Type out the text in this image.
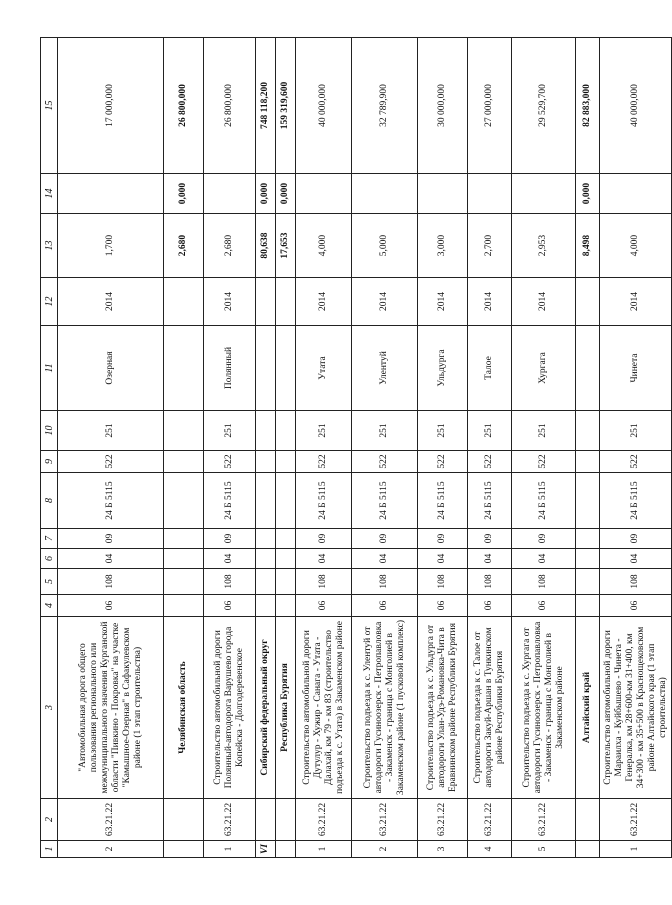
1	2	3	4	5	6	7	8	9	10	11	12	13	14	15
2	63.21.22	"Автомобильная дорога общего пользования регионального или межмуниципального значения Курганской области "Пивкино - Покровка" на участке "Камышное-Озерная" в Сафакулевском районе (1 этап строительства)	06	108	04	09	24 Б 5115	522	251	Озерная	2014	1,700		17 000,000
		Челябинская область										2,680	0,000	26 800,000
1	63.21.22	Строительство автомобильной дороги Полянный-автодорога Варушево города Копейска - Долгодеревенское	06	108	04	09	24 Б 5115	522	251	Полянный	2014	2,680		26 800,000
VI		Сибирский федеральный округ										80,638	0,000	748 118,200
		Республика Бурятия										17,653	0,000	159 319,600
1	63.21.22	Строительство автомобильной дороги Дутулур - Хужир - Санага - Утата - Далахай, км 79 - км 83 (строительство подъезда к с. Утата) в Закаменском районе	06	108	04	09	24 Б 5115	522	251	Утата	2014	4,000		40 000,000
2	63.21.22	Строительство подъезда к с. Улентуй от автодороги Гусиноозерск - Петропавловка - Закаменск - граница с Монголией в Закаменском районе (1 пусковой комплекс)	06	108	04	09	24 Б 5115	522	251	Улентуй	2014	5,000		32 789,900
3	63.21.22	Строительство подъезда к с. Ульдурга от автодороги Улан-Удэ-Романовка-Чита в Еравнинском районе Республики Бурятия	06	108	04	09	24 Б 5115	522	251	Ульдурга	2014	3,000		30 000,000
4	63.21.22	Строительство подъезда к с. Талое от автодороги Закуй-Аршан в Тункинском районе Республики Бурятия	06	108	04	09	24 Б 5115	522	251	Талое	2014	2,700		27 000,000
5	63.21.22	Строительство подъезда к с. Хургага от автодороги Гусиноозерск - Петропавловка - Закаменск - граница с Монголией в Закаменском районе	06	108	04	09	24 Б 5115	522	251	Хургага	2014	2,953		29 529,700
		Алтайский край										8,498	0,000	82 883,000
1	63.21.22	Строительство автомобильной дороги Мараилха - Куйбышево - Чинета - Генералка, км 28+600-км 31+400, км 34+300 - км 35+500 в Краснощековском районе Алтайского края (1 этап строительства)	06	108	04	09	24 Б 5115	522	251	Чинета	2014	4,000		40 000,000
